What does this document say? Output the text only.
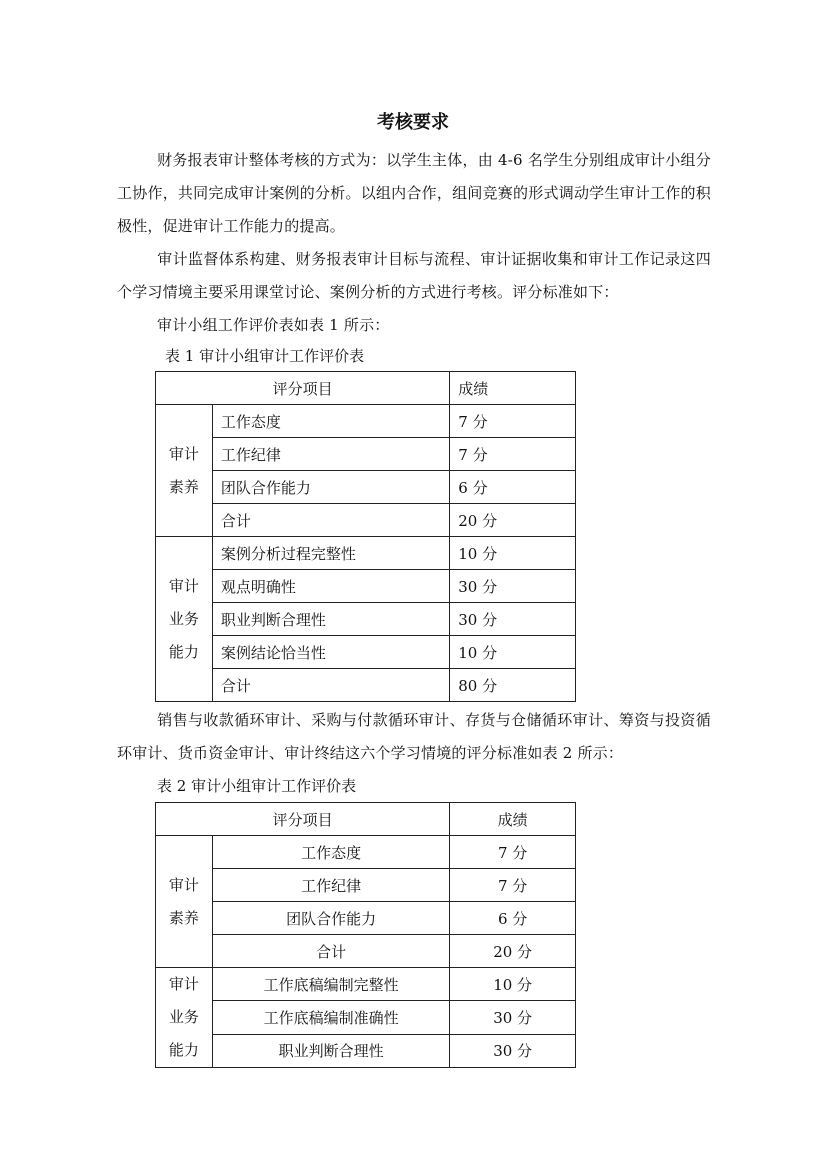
考核要求

财务报表审计整体考核的方式为：以学生主体，由 4-6 名学生分别组成审计小组分工协作，共同完成审计案例的分析。以组内合作，组间竞赛的形式调动学生审计工作的积极性，促进审计工作能力的提高。

审计监督体系构建、财务报表审计目标与流程、审计证据收集和审计工作记录这四个学习情境主要采用课堂讨论、案例分析的方式进行考核。评分标准如下：

审计小组工作评价表如表 1 所示：

表 1 审计小组审计工作评价表
评分项目		成绩
审计
素养	工作态度	7 分
	工作纪律	7 分
	团队合作能力	6 分
	合计	20 分
审计
业务
能力	案例分析过程完整性	10 分
	观点明确性	30 分
	职业判断合理性	30 分
	案例结论恰当性	10 分
	合计	80 分

销售与收款循环审计、采购与付款循环审计、存货与仓储循环审计、筹资与投资循环审计、货币资金审计、审计终结这六个学习情境的评分标准如表 2 所示：

表 2 审计小组审计工作评价表
评分项目		成绩
审计
素养	工作态度	7 分
	工作纪律	7 分
	团队合作能力	6 分
	合计	20 分
审计
业务
能力	工作底稿编制完整性	10 分
	工作底稿编制准确性	30 分
	职业判断合理性	30 分
